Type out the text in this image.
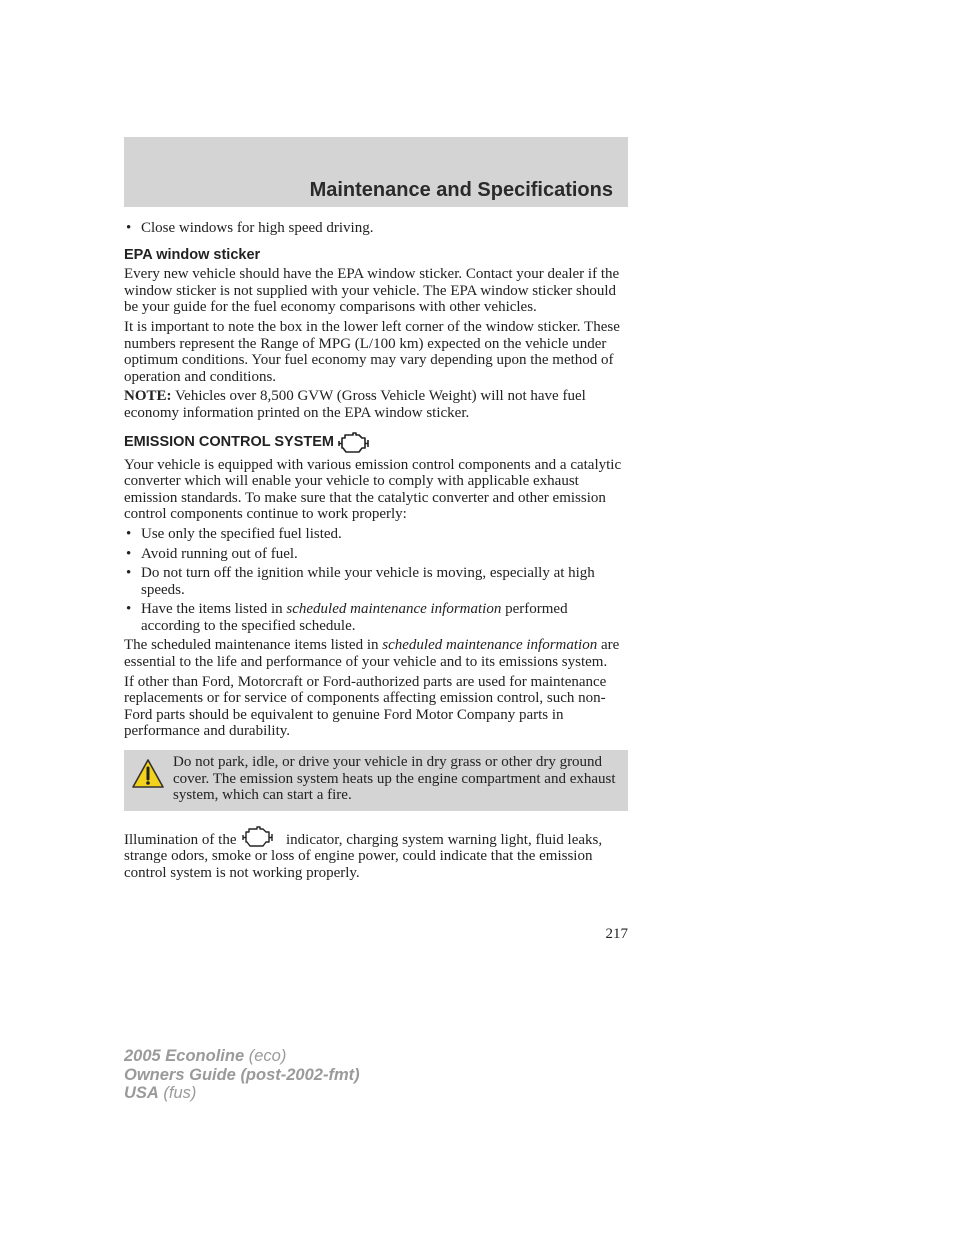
Maintenance and Specifications
• Close windows for high speed driving.
EPA window sticker

Every new vehicle should have the EPA window sticker. Contact your dealer if the window sticker is not supplied with your vehicle. The EPA window sticker should be your guide for the fuel economy comparisons with other vehicles.

It is important to note the box in the lower left corner of the window sticker. These numbers represent the Range of MPG (L/100 km) expected on the vehicle under optimum conditions. Your fuel economy may vary depending upon the method of operation and conditions.

NOTE: Vehicles over 8,500 GVW (Gross Vehicle Weight) will not have fuel economy information printed on the EPA window sticker.

EMISSION CONTROL SYSTEM

Your vehicle is equipped with various emission control components and a catalytic converter which will enable your vehicle to comply with applicable exhaust emission standards. To make sure that the catalytic converter and other emission control components continue to work properly:

• Use only the specified fuel listed.
• Avoid running out of fuel.
• Do not turn off the ignition while your vehicle is moving, especially at high speeds.
• Have the items listed in scheduled maintenance information performed according to the specified schedule.

The scheduled maintenance items listed in scheduled maintenance information are essential to the life and performance of your vehicle and to its emissions system.

If other than Ford, Motorcraft or Ford-authorized parts are used for maintenance replacements or for service of components affecting emission control, such non-Ford parts should be equivalent to genuine Ford Motor Company parts in performance and durability.

Do not park, idle, or drive your vehicle in dry grass or other dry ground cover. The emission system heats up the engine compartment and exhaust system, which can start a fire.

Illumination of the	indicator, charging system warning light, fluid leaks, strange odors, smoke or loss of engine power, could indicate that the emission control system is not working properly.

217
2005 Econoline (eco)
Owners Guide (post-2002-fmt)
USA (fus)
